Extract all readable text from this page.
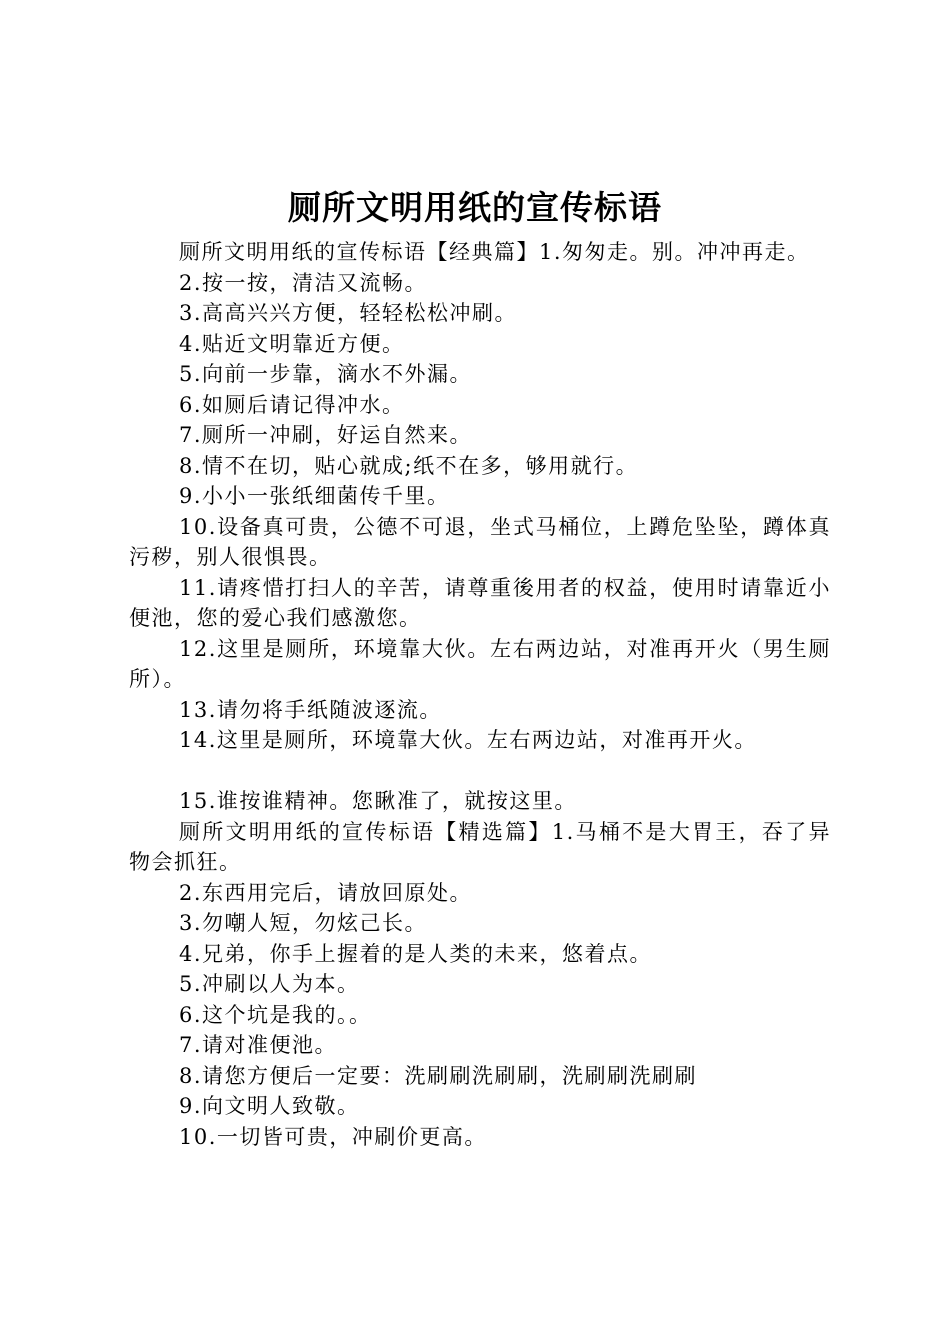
厕所文明用纸的宣传标语

厕所文明用纸的宣传标语【经典篇】1.匆匆走。别。冲冲再走。

2.按一按，清洁又流畅。

3.高高兴兴方便，轻轻松松冲刷。

4.贴近文明靠近方便。

5.向前一步靠，滴水不外漏。

6.如厕后请记得冲水。

7.厕所一冲刷，好运自然来。

8.情不在切，贴心就成;纸不在多，够用就行。

9.小小一张纸细菌传千里。

10.设备真可贵，公德不可退，坐式马桶位，上蹲危坠坠，蹲体真污秽，别人很惧畏。

11.请疼惜打扫人的辛苦，请尊重後用者的权益，使用时请靠近小便池，您的爱心我们感激您。

12.这里是厕所，环境靠大伙。左右两边站，对准再开火（男生厕所）。

13.请勿将手纸随波逐流。

14.这里是厕所，环境靠大伙。左右两边站，对准再开火。

15.谁按谁精神。您瞅准了，就按这里。

厕所文明用纸的宣传标语【精选篇】1.马桶不是大胃王，吞了异物会抓狂。

2.东西用完后，请放回原处。

3.勿嘲人短，勿炫己长。

4.兄弟，你手上握着的是人类的未来，悠着点。

5.冲刷以人为本。

6.这个坑是我的。。

7.请对准便池。

8.请您方便后一定要：洗刷刷洗刷刷，洗刷刷洗刷刷

9.向文明人致敬。

10.一切皆可贵，冲刷价更高。
